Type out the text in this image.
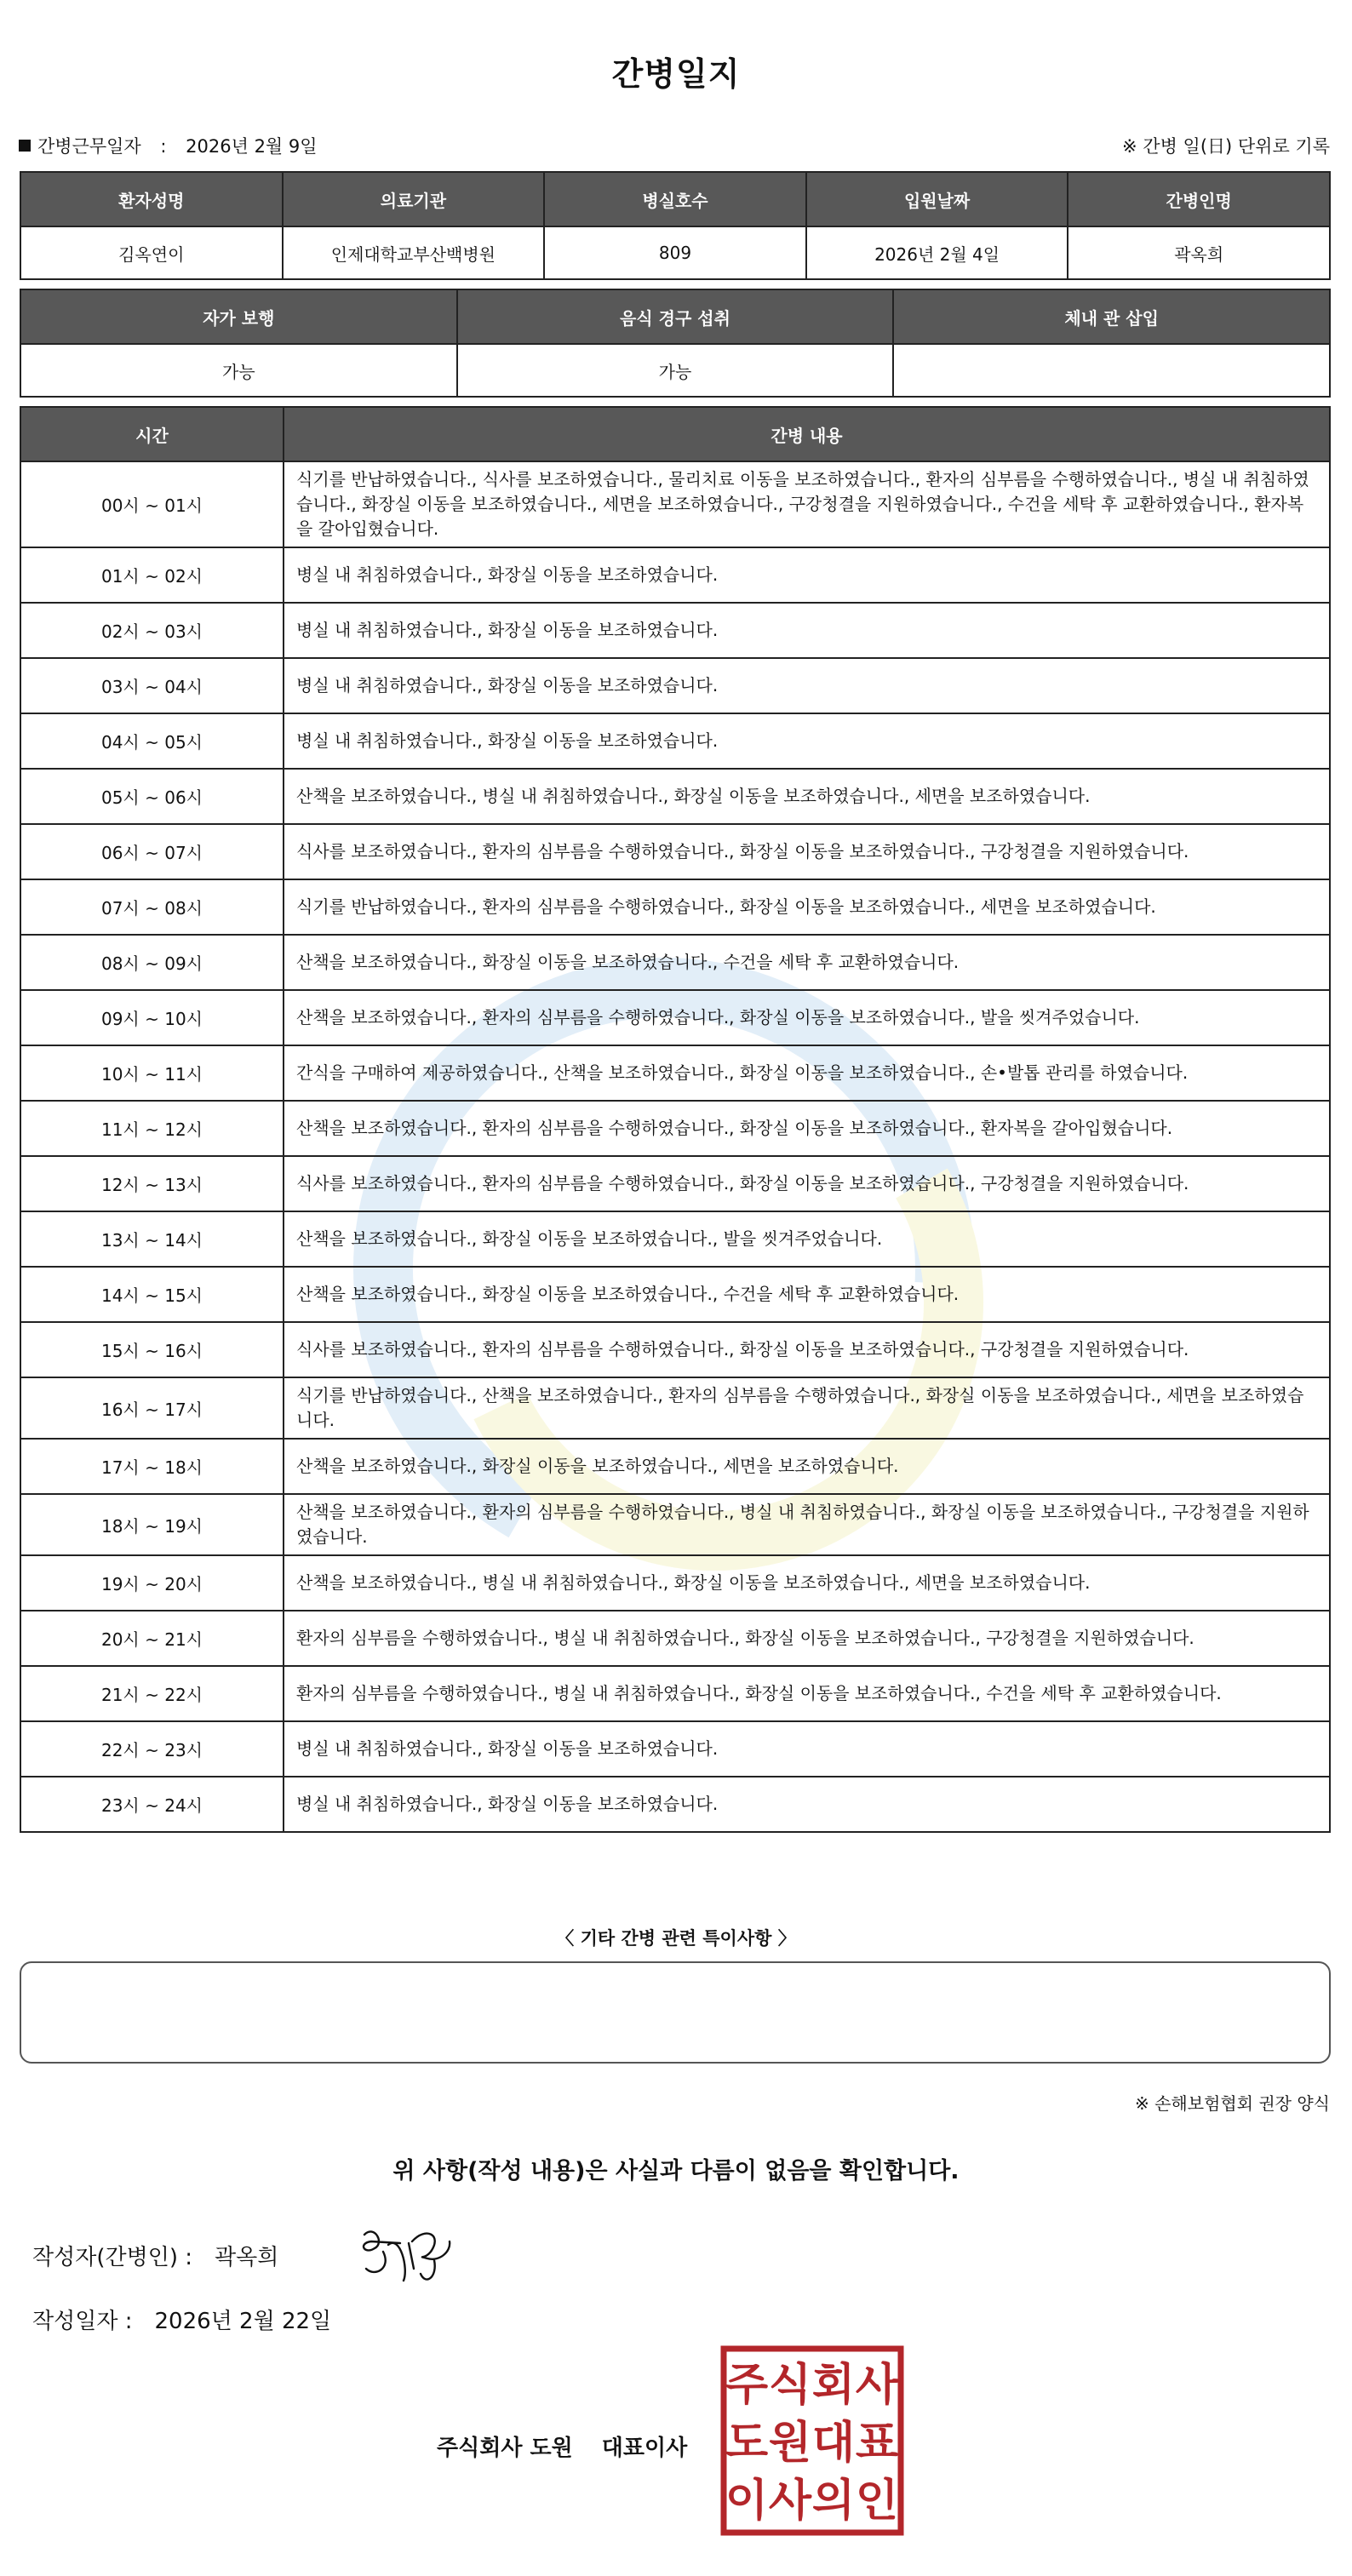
간병일지
간병근무일자 : 2026년 2월 9일	※ 간병 일(日) 단위로 기록
환자성명	의료기관	병실호수	입원날짜	간병인명
김옥연이	인제대학교부산백병원	809	2026년 2월 4일	곽옥희
자가 보행	음식 경구 섭취	체내 관 삽입
가능	가능	
시간	간병 내용
00시 ~ 01시	식기를 반납하였습니다., 식사를 보조하였습니다., 물리치료 이동을 보조하였습니다., 환자의 심부름을 수행하였습니다., 병실 내 취침하였습니다., 화장실 이동을 보조하였습니다., 세면을 보조하였습니다., 구강청결을 지원하였습니다., 수건을 세탁 후 교환하였습니다., 환자복을 갈아입혔습니다.
01시 ~ 02시	병실 내 취침하였습니다., 화장실 이동을 보조하였습니다.
02시 ~ 03시	병실 내 취침하였습니다., 화장실 이동을 보조하였습니다.
03시 ~ 04시	병실 내 취침하였습니다., 화장실 이동을 보조하였습니다.
04시 ~ 05시	병실 내 취침하였습니다., 화장실 이동을 보조하였습니다.
05시 ~ 06시	산책을 보조하였습니다., 병실 내 취침하였습니다., 화장실 이동을 보조하였습니다., 세면을 보조하였습니다.
06시 ~ 07시	식사를 보조하였습니다., 환자의 심부름을 수행하였습니다., 화장실 이동을 보조하였습니다., 구강청결을 지원하였습니다.
07시 ~ 08시	식기를 반납하였습니다., 환자의 심부름을 수행하였습니다., 화장실 이동을 보조하였습니다., 세면을 보조하였습니다.
08시 ~ 09시	산책을 보조하였습니다., 화장실 이동을 보조하였습니다., 수건을 세탁 후 교환하였습니다.
09시 ~ 10시	산책을 보조하였습니다., 환자의 심부름을 수행하였습니다., 화장실 이동을 보조하였습니다., 발을 씻겨주었습니다.
10시 ~ 11시	간식을 구매하여 제공하였습니다., 산책을 보조하였습니다., 화장실 이동을 보조하였습니다., 손•발톱 관리를 하였습니다.
11시 ~ 12시	산책을 보조하였습니다., 환자의 심부름을 수행하였습니다., 화장실 이동을 보조하였습니다., 환자복을 갈아입혔습니다.
12시 ~ 13시	식사를 보조하였습니다., 환자의 심부름을 수행하였습니다., 화장실 이동을 보조하였습니다., 구강청결을 지원하였습니다.
13시 ~ 14시	산책을 보조하였습니다., 화장실 이동을 보조하였습니다., 발을 씻겨주었습니다.
14시 ~ 15시	산책을 보조하였습니다., 화장실 이동을 보조하였습니다., 수건을 세탁 후 교환하였습니다.
15시 ~ 16시	식사를 보조하였습니다., 환자의 심부름을 수행하였습니다., 화장실 이동을 보조하였습니다., 구강청결을 지원하였습니다.
16시 ~ 17시	식기를 반납하였습니다., 산책을 보조하였습니다., 환자의 심부름을 수행하였습니다., 화장실 이동을 보조하였습니다., 세면을 보조하였습니다.
17시 ~ 18시	산책을 보조하였습니다., 화장실 이동을 보조하였습니다., 세면을 보조하였습니다.
18시 ~ 19시	산책을 보조하였습니다., 환자의 심부름을 수행하였습니다., 병실 내 취침하였습니다., 화장실 이동을 보조하였습니다., 구강청결을 지원하였습니다.
19시 ~ 20시	산책을 보조하였습니다., 병실 내 취침하였습니다., 화장실 이동을 보조하였습니다., 세면을 보조하였습니다.
20시 ~ 21시	환자의 심부름을 수행하였습니다., 병실 내 취침하였습니다., 화장실 이동을 보조하였습니다., 구강청결을 지원하였습니다.
21시 ~ 22시	환자의 심부름을 수행하였습니다., 병실 내 취침하였습니다., 화장실 이동을 보조하였습니다., 수건을 세탁 후 교환하였습니다.
22시 ~ 23시	병실 내 취침하였습니다., 화장실 이동을 보조하였습니다.
23시 ~ 24시	병실 내 취침하였습니다., 화장실 이동을 보조하였습니다.
〈 기타 간병 관련 특이사항 〉
※ 손해보험협회 권장 양식
위 사항(작성 내용)은 사실과 다름이 없음을 확인합니다.
작성자(간병인) : 곽옥희
작성일자 : 2026년 2월 22일
주식회사 도원 대표이사
주 식 회 사
도 원 대 표
이 사 의 인
